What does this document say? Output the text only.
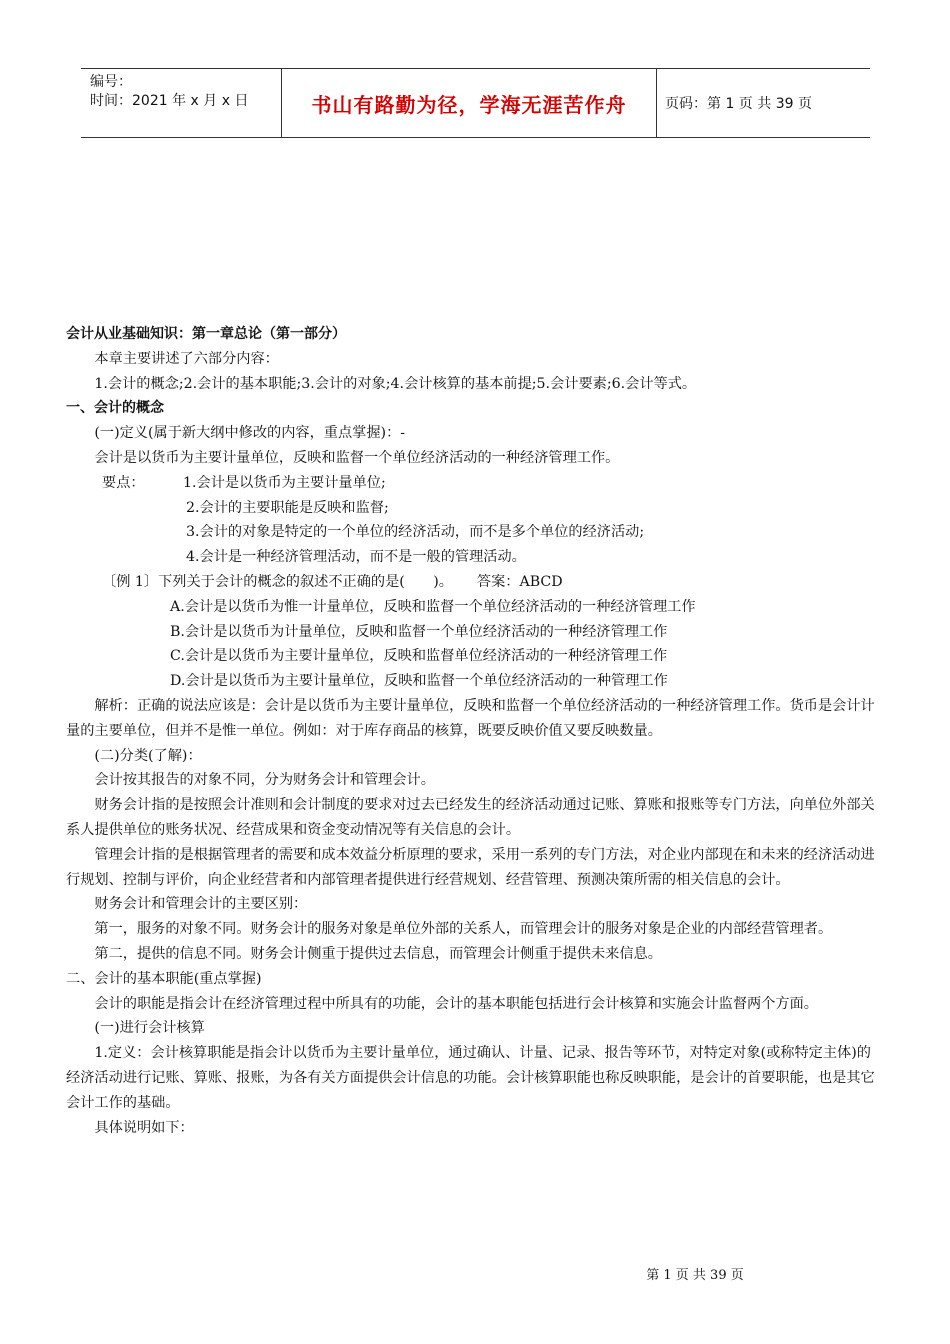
编号：
时间：2021 年 x 月 x 日	书山有路勤为径，学海无涯苦作舟	页码：第 1 页 共 39 页

会计从业基础知识：第一章总论（第一部分）

本章主要讲述了六部分内容：

1.会计的概念;2.会计的基本职能;3.会计的对象;4.会计核算的基本前提;5.会计要素;6.会计等式。

一、会计的概念

(一)定义(属于新大纲中修改的内容，重点掌握)：-

会计是以货币为主要计量单位，反映和监督一个单位经济活动的一种经济管理工作。

要点：	1.会计是以货币为主要计量单位;

2.会计的主要职能是反映和监督;

3.会计的对象是特定的一个单位的经济活动，而不是多个单位的经济活动;

4.会计是一种经济管理活动，而不是一般的管理活动。

〔例 1〕下列关于会计的概念的叙述不正确的是(　　)。 答案：ABCD

A.会计是以货币为惟一计量单位，反映和监督一个单位经济活动的一种经济管理工作

B.会计是以货币为计量单位，反映和监督一个单位经济活动的一种经济管理工作

C.会计是以货币为主要计量单位，反映和监督单位经济活动的一种经济管理工作

D.会计是以货币为主要计量单位，反映和监督一个单位经济活动的一种管理工作

解析：正确的说法应该是：会计是以货币为主要计量单位，反映和监督一个单位经济活动的一种经济管理工作。货币是会计计量的主要单位，但并不是惟一单位。例如：对于库存商品的核算，既要反映价值又要反映数量。

(二)分类(了解)：

会计按其报告的对象不同，分为财务会计和管理会计。

财务会计指的是按照会计准则和会计制度的要求对过去已经发生的经济活动通过记账、算账和报账等专门方法，向单位外部关系人提供单位的账务状况、经营成果和资金变动情况等有关信息的会计。

管理会计指的是根据管理者的需要和成本效益分析原理的要求，采用一系列的专门方法，对企业内部现在和未来的经济活动进行规划、控制与评价，向企业经营者和内部管理者提供进行经营规划、经营管理、预测决策所需的相关信息的会计。

财务会计和管理会计的主要区别：

第一，服务的对象不同。财务会计的服务对象是单位外部的关系人，而管理会计的服务对象是企业的内部经营管理者。

第二，提供的信息不同。财务会计侧重于提供过去信息，而管理会计侧重于提供未来信息。

二、会计的基本职能(重点掌握)

会计的职能是指会计在经济管理过程中所具有的功能，会计的基本职能包括进行会计核算和实施会计监督两个方面。

(一)进行会计核算

1.定义：会计核算职能是指会计以货币为主要计量单位，通过确认、计量、记录、报告等环节，对特定对象(或称特定主体)的经济活动进行记账、算账、报账，为各有关方面提供会计信息的功能。会计核算职能也称反映职能，是会计的首要职能，也是其它会计工作的基础。

具体说明如下：

第 1 页 共 39 页
